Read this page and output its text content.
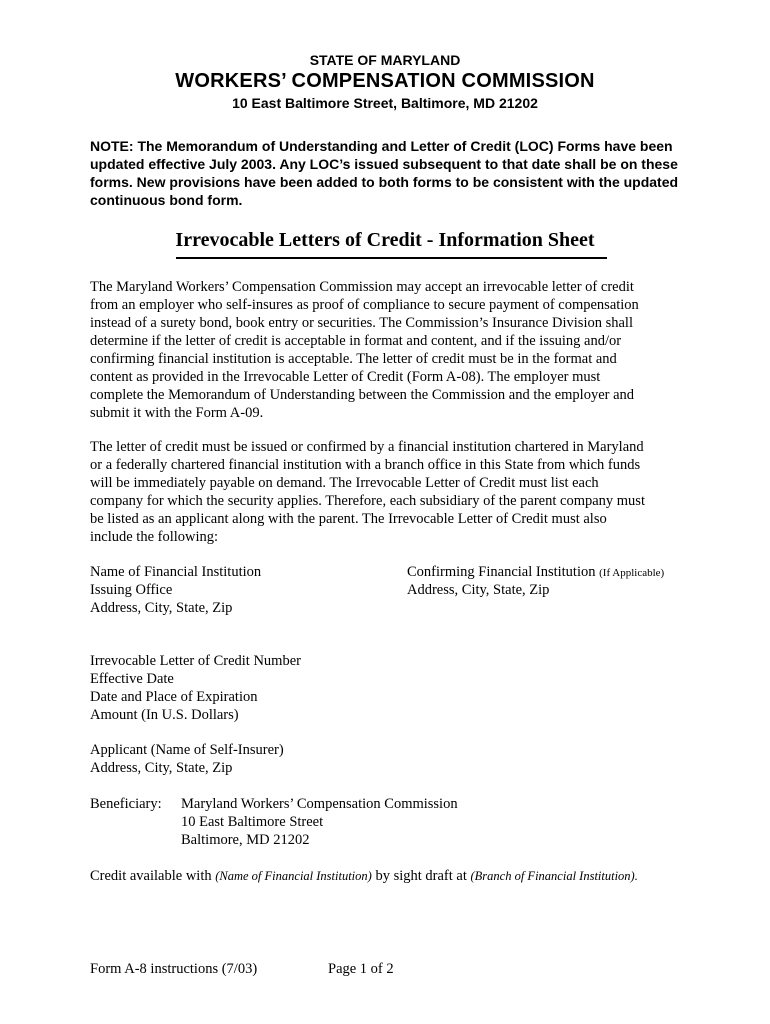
STATE OF MARYLAND
WORKERS’ COMPENSATION COMMISSION
10 East Baltimore Street, Baltimore, MD 21202
NOTE: The Memorandum of Understanding and Letter of Credit (LOC) Forms have been
updated effective July 2003. Any LOC’s issued subsequent to that date shall be on these
forms. New provisions have been added to both forms to be consistent with the updated
continuous bond form.
Irrevocable Letters of Credit - Information Sheet
The Maryland Workers’ Compensation Commission may accept an irrevocable letter of credit
from an employer who self-insures as proof of compliance to secure payment of compensation
instead of a surety bond, book entry or securities. The Commission’s Insurance Division shall
determine if the letter of credit is acceptable in format and content, and if the issuing and/or
confirming financial institution is acceptable. The letter of credit must be in the format and
content as provided in the Irrevocable Letter of Credit (Form A-08). The employer must
complete the Memorandum of Understanding between the Commission and the employer and
submit it with the Form A-09.
The letter of credit must be issued or confirmed by a financial institution chartered in Maryland
or a federally chartered financial institution with a branch office in this State from which funds
will be immediately payable on demand. The Irrevocable Letter of Credit must list each
company for which the security applies. Therefore, each subsidiary of the parent company must
be listed as an applicant along with the parent. The Irrevocable Letter of Credit must also
include the following:
Name of Financial Institution
Issuing Office
Address, City, State, Zip
Confirming Financial Institution (If Applicable)
Address, City, State, Zip
Irrevocable Letter of Credit Number
Effective Date
Date and Place of Expiration
Amount (In U.S. Dollars)
Applicant (Name of Self-Insurer)
Address, City, State, Zip
Beneficiary: Maryland Workers’ Compensation Commission
10 East Baltimore Street
Baltimore, MD 21202
Credit available with (Name of Financial Institution) by sight draft at (Branch of Financial Institution).
Form A-8 instructions (7/03)	Page 1 of 2
